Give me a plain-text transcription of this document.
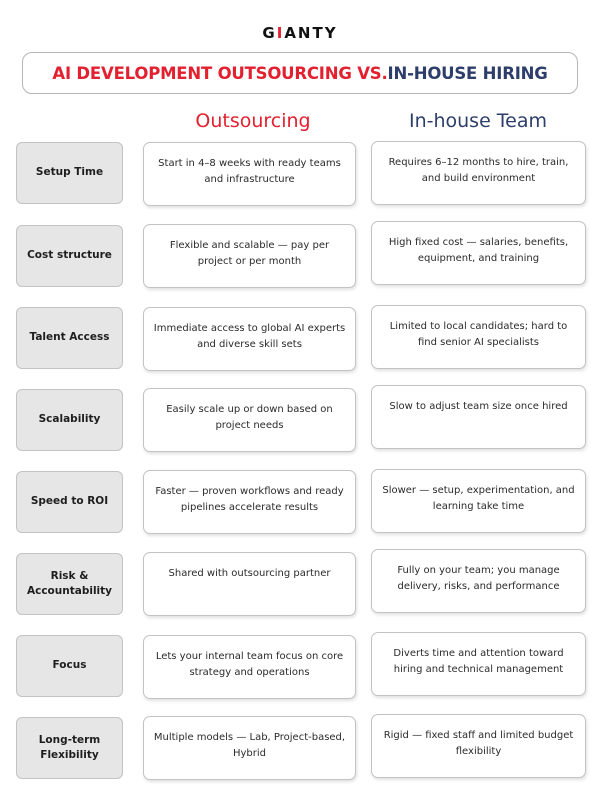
GIANTY
AI DEVELOPMENT OUTSOURCING VS. IN-HOUSE HIRING
Outsourcing	In-house Team
Setup Time
Start in 4–8 weeks with ready teams and infrastructure
Requires 6–12 months to hire, train, and build environment
Cost structure
Flexible and scalable — pay per project or per month
High fixed cost — salaries, benefits, equipment, and training
Talent Access
Immediate access to global AI experts and diverse skill sets
Limited to local candidates; hard to find senior AI specialists
Scalability
Easily scale up or down based on project needs
Slow to adjust team size once hired
Speed to ROI
Faster — proven workflows and ready pipelines accelerate results
Slower — setup, experimentation, and learning take time
Risk & Accountability
Shared with outsourcing partner	Fully on your team; you manage delivery, risks, and performance
Focus
Lets your internal team focus on core strategy and operations
Diverts time and attention toward hiring and technical management
Long-term Flexibility
Multiple models — Lab, Project-based, Hybrid
Rigid — fixed staff and limited budget flexibility
